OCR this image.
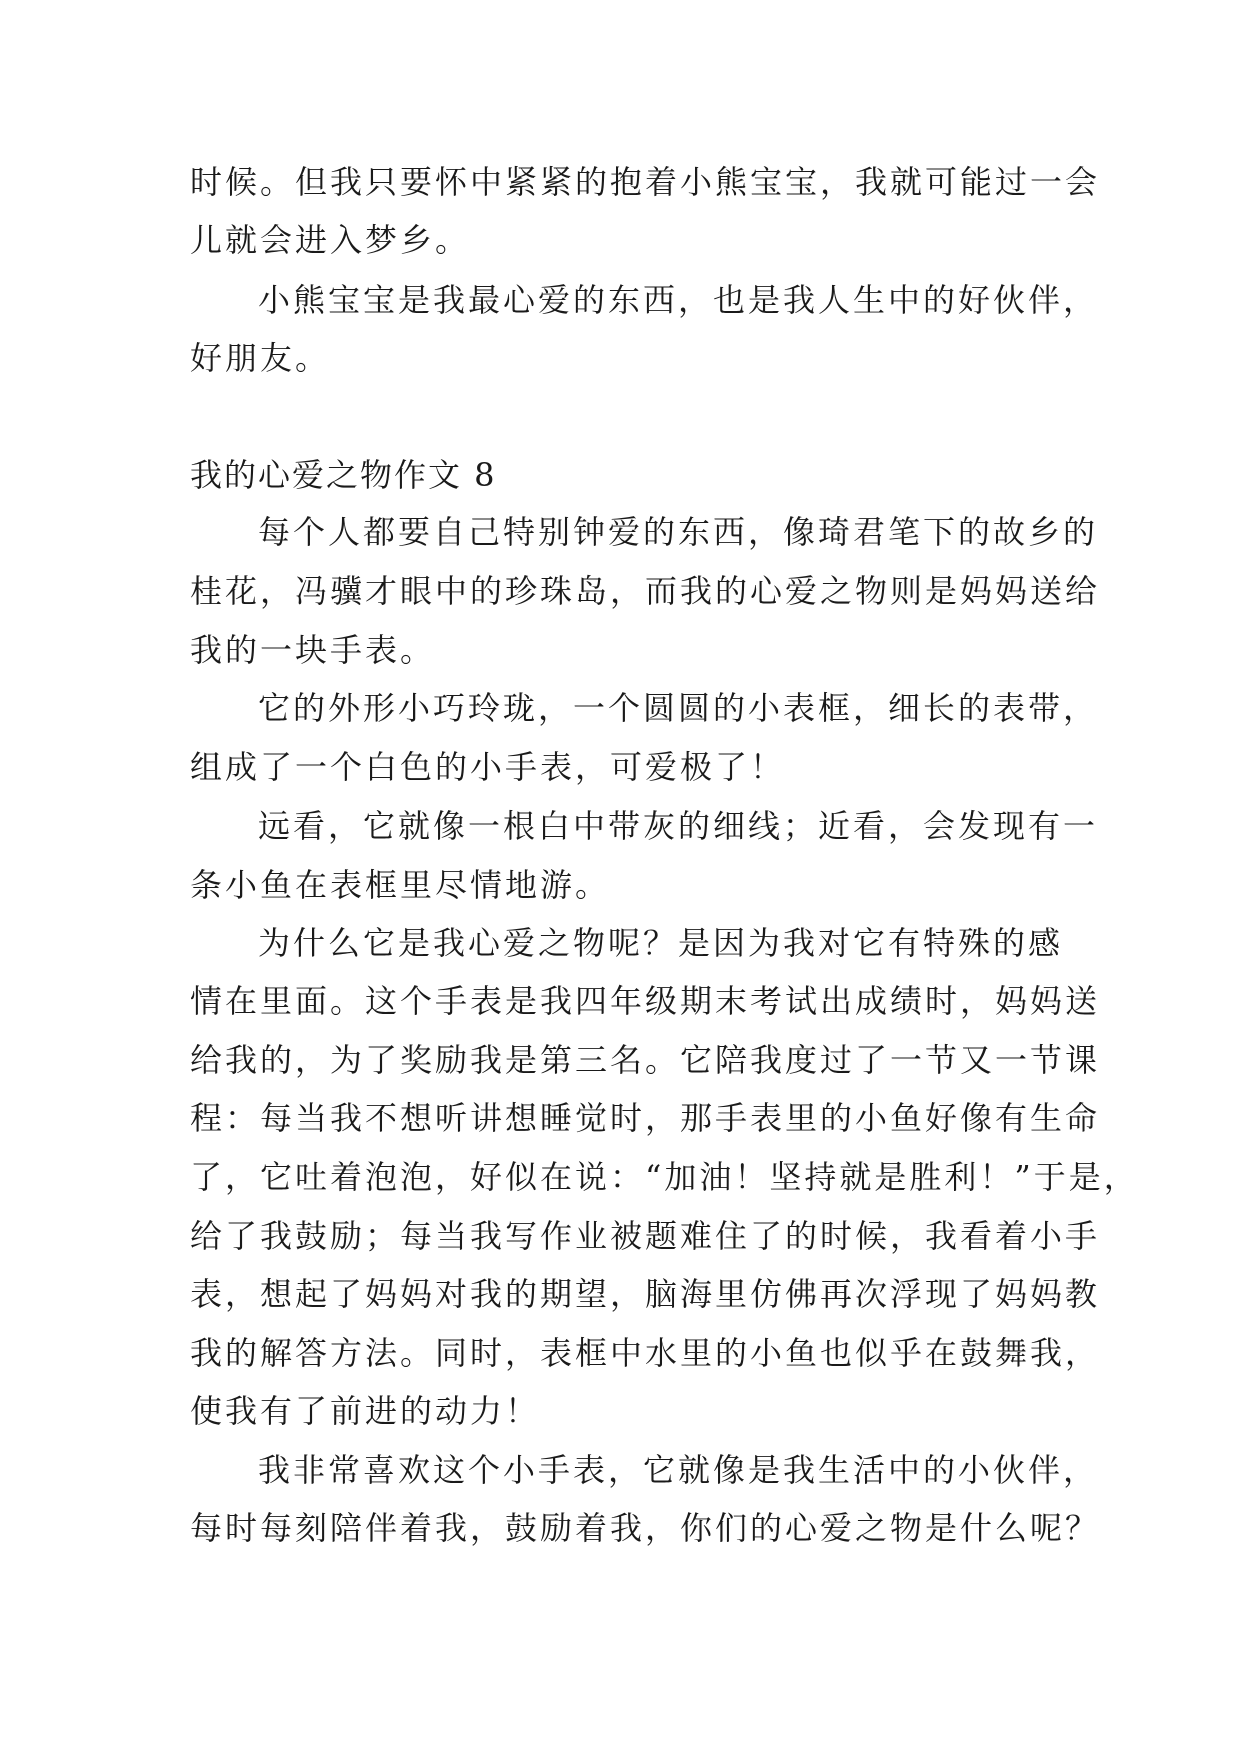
时候。但我只要怀中紧紧的抱着小熊宝宝，我就可能过一会

儿就会进入梦乡。

小熊宝宝是我最心爱的东西，也是我人生中的好伙伴，

好朋友。

我的心爱之物作文 8

每个人都要自己特别钟爱的东西，像琦君笔下的故乡的

桂花，冯骥才眼中的珍珠岛，而我的心爱之物则是妈妈送给

我的一块手表。

它的外形小巧玲珑，一个圆圆的小表框，细长的表带，

组成了一个白色的小手表，可爱极了！

远看，它就像一根白中带灰的细线；近看，会发现有一

条小鱼在表框里尽情地游。

为什么它是我心爱之物呢？是因为我对它有特殊的感

情在里面。这个手表是我四年级期末考试出成绩时，妈妈送

给我的，为了奖励我是第三名。它陪我度过了一节又一节课

程：每当我不想听讲想睡觉时，那手表里的小鱼好像有生命

了，它吐着泡泡，好似在说：“加油！坚持就是胜利！”于是，

给了我鼓励；每当我写作业被题难住了的时候，我看着小手

表，想起了妈妈对我的期望，脑海里仿佛再次浮现了妈妈教

我的解答方法。同时，表框中水里的小鱼也似乎在鼓舞我，

使我有了前进的动力！

我非常喜欢这个小手表，它就像是我生活中的小伙伴，

每时每刻陪伴着我，鼓励着我，你们的心爱之物是什么呢？
